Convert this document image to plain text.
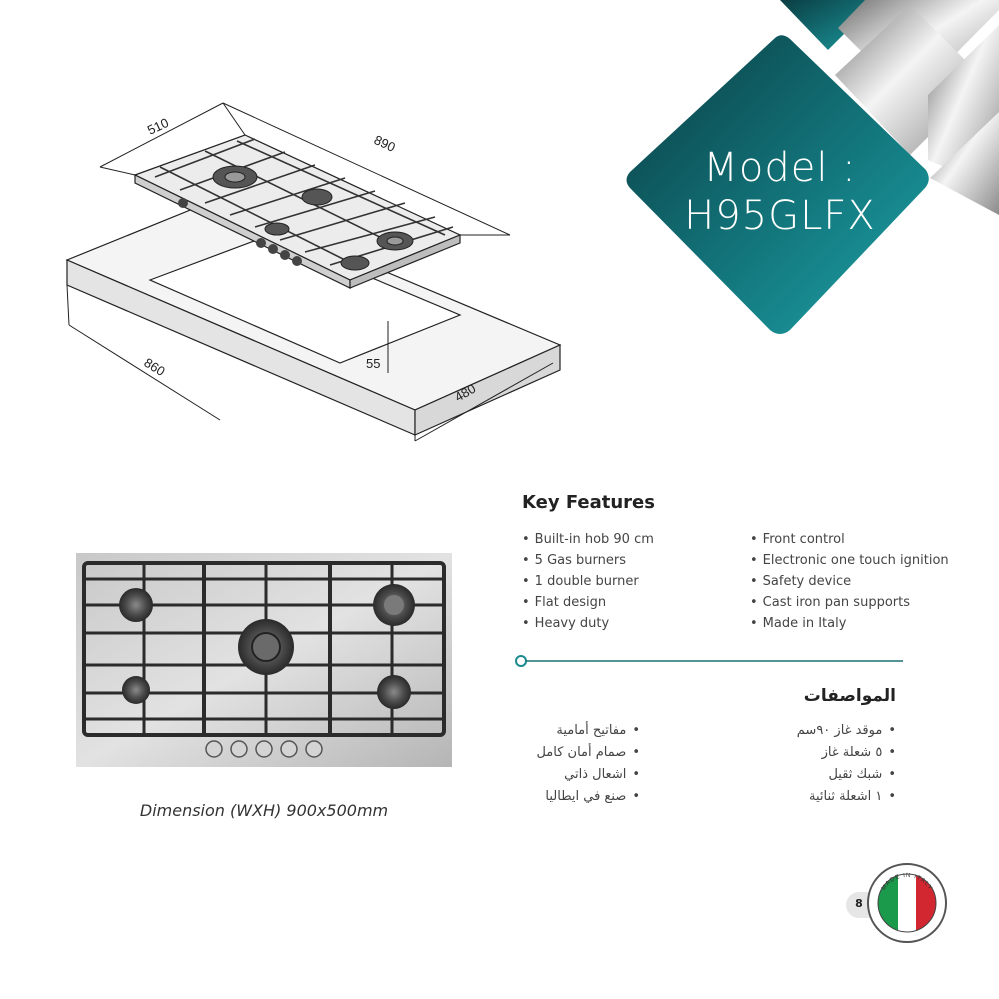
Model :
H95GLFX
510
890
860
480
55
Dimension (WXH) 900x500mm
Key Features
• Built-in hob 90 cm
• 5 Gas burners
• 1 double burner
• Flat design
• Heavy duty
• Front control
• Electronic one touch ignition
• Safety device
• Cast iron pan supports
• Made in Italy
المواصفات
• موقد غاز ٩٠سم
• ٥ شعلة غاز
• شبك ثقيل
• ١ اشعلة ثنائية
• مفاتيح أمامية
• صمام أمان كامل
• اشعال ذاتي
• صنع في ايطاليا
8
MADE IN ITALY
